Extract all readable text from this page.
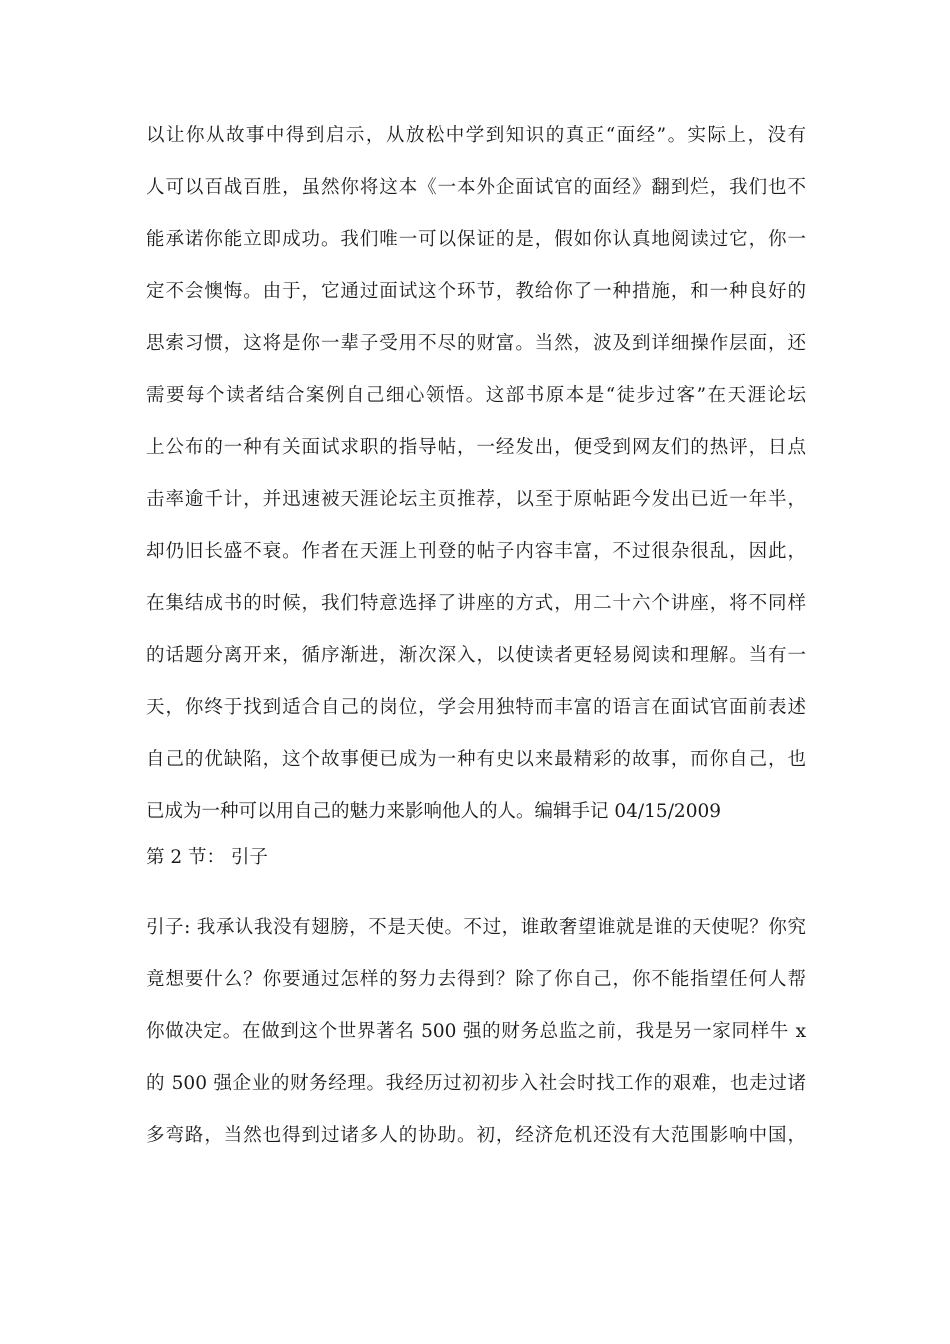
以让你从故事中得到启示，从放松中学到知识的真正“面经”。实际上，没有
人可以百战百胜，虽然你将这本《一本外企面试官的面经》翻到烂，我们也不
能承诺你能立即成功。我们唯一可以保证的是，假如你认真地阅读过它，你一
定不会懊悔。由于，它通过面试这个环节，教给你了一种措施，和一种良好的
思索习惯，这将是你一辈子受用不尽的财富。当然，波及到详细操作层面，还
需要每个读者结合案例自己细心领悟。这部书原本是“徒步过客”在天涯论坛
上公布的一种有关面试求职的指导帖，一经发出，便受到网友们的热评，日点
击率逾千计，并迅速被天涯论坛主页推荐，以至于原帖距今发出已近一年半，
却仍旧长盛不衰。作者在天涯上刊登的帖子内容丰富，不过很杂很乱，因此，
在集结成书的时候，我们特意选择了讲座的方式，用二十六个讲座，将不同样
的话题分离开来，循序渐进，渐次深入，以使读者更轻易阅读和理解。当有一
天，你终于找到适合自己的岗位，学会用独特而丰富的语言在面试官面前表述
自己的优缺陷，这个故事便已成为一种有史以来最精彩的故事，而你自己，也
已成为一种可以用自己的魅力来影响他人的人。编辑手记 04/15/2009
第 2 节： 引子
引子: 我承认我没有翅膀，不是天使。不过，谁敢奢望谁就是谁的天使呢？你究
竟想要什么？你要通过怎样的努力去得到？除了你自己，你不能指望任何人帮
你做决定。在做到这个世界著名 500 强的财务总监之前，我是另一家同样牛 x
的 500 强企业的财务经理。我经历过初初步入社会时找工作的艰难，也走过诸
多弯路，当然也得到过诸多人的协助。初，经济危机还没有大范围影响中国，
